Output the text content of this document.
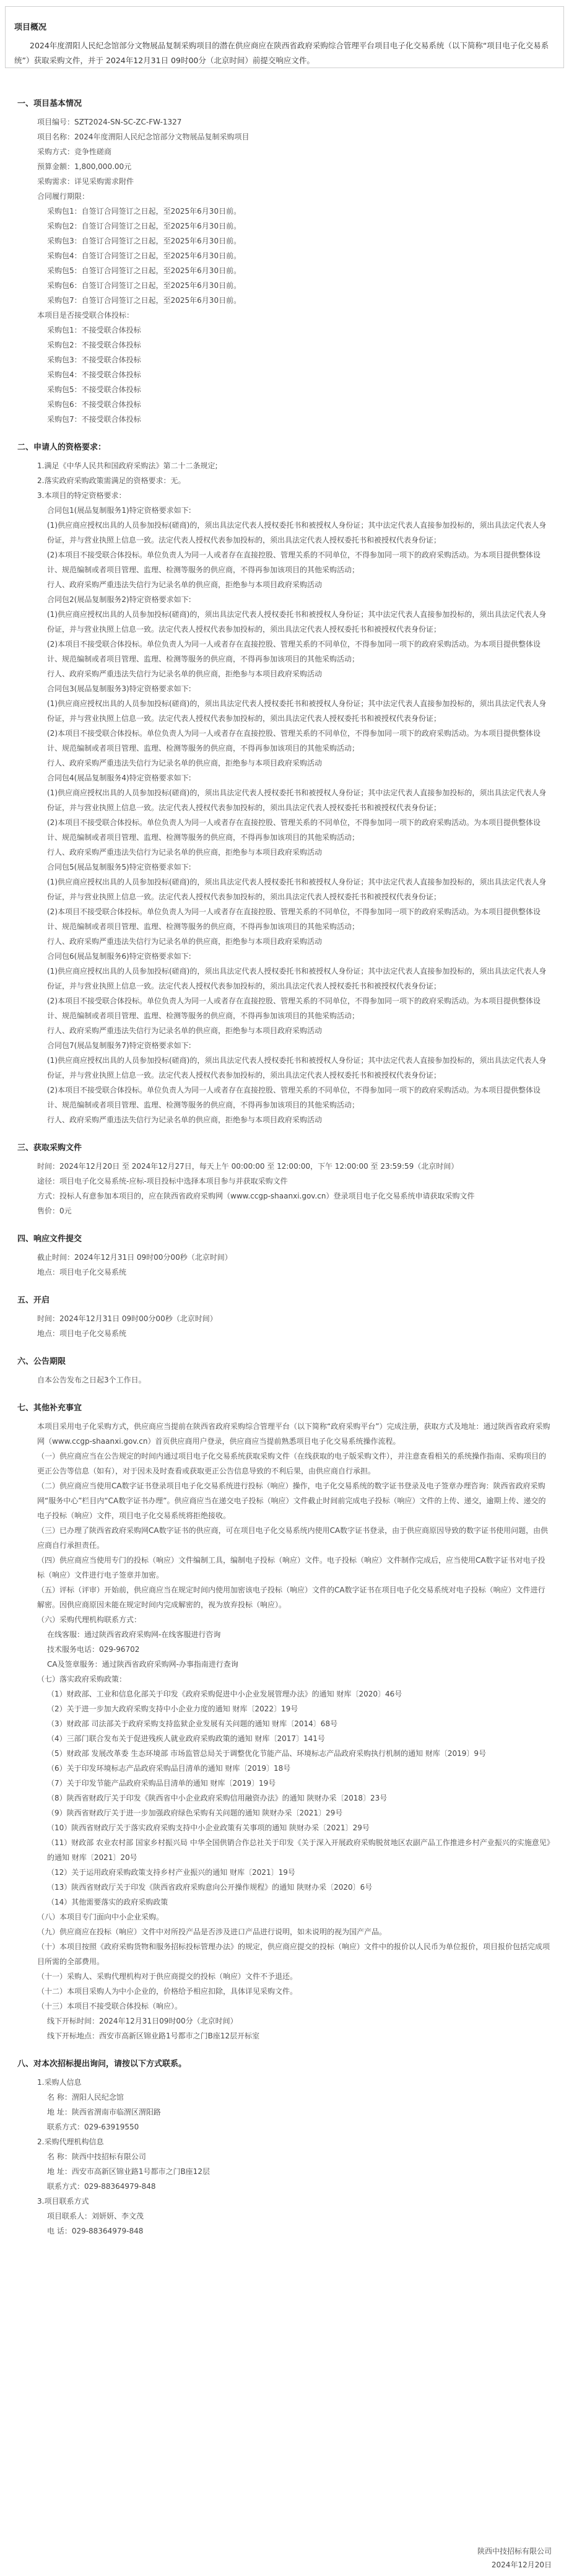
项目概况
2024年度渭阳人民纪念馆部分文物展品复制采购项目的潜在供应商应在陕西省政府采购综合管理平台项目电子化交易系统（以下简称“项目电子化交易系统”）获取采购文件，并于 2024年12月31日 09时00分（北京时间）前提交响应文件。
一、项目基本情况
项目编号：SZT2024-SN-SC-ZC-FW-1327
项目名称：2024年度渭阳人民纪念馆部分文物展品复制采购项目
采购方式：竞争性磋商
预算金额：1,800,000.00元
采购需求：详见采购需求附件
合同履行期限：
采购包1：自签订合同签订之日起，至2025年6月30日前。
采购包2：自签订合同签订之日起，至2025年6月30日前。
采购包3：自签订合同签订之日起，至2025年6月30日前。
采购包4：自签订合同签订之日起，至2025年6月30日前。
采购包5：自签订合同签订之日起，至2025年6月30日前。
采购包6：自签订合同签订之日起，至2025年6月30日前。
采购包7：自签订合同签订之日起，至2025年6月30日前。
本项目是否接受联合体投标：
采购包1：不接受联合体投标
采购包2：不接受联合体投标
采购包3：不接受联合体投标
采购包4：不接受联合体投标
采购包5：不接受联合体投标
采购包6：不接受联合体投标
采购包7：不接受联合体投标
二、申请人的资格要求：
1.满足《中华人民共和国政府采购法》第二十二条规定;
2.落实政府采购政策需满足的资格要求：无。
3.本项目的特定资格要求：
合同包1(展品复制服务1)特定资格要求如下:
(1)供应商应授权出具的人员参加投标(磋商)的，须出具法定代表人授权委托书和被授权人身份证；其中法定代表人直接参加投标的，须出具法定代表人身份证，并与营业执照上信息一致。法定代表人授权代表参加投标的，须出具法定代表人授权委托书和被授权代表身份证；
(2)本项目不接受联合体投标。单位负责人为同一人或者存在直接控股、管理关系的不同单位，不得参加同一项下的政府采购活动。为本项目提供整体设计、规范编制或者项目管理、监理、检测等服务的供应商，不得再参加该项目的其他采购活动；
行人、政府采购严重违法失信行为记录名单的供应商，拒绝参与本项目政府采购活动
合同包2(展品复制服务2)特定资格要求如下:
(1)供应商应授权出具的人员参加投标(磋商)的，须出具法定代表人授权委托书和被授权人身份证；其中法定代表人直接参加投标的，须出具法定代表人身份证，并与营业执照上信息一致。法定代表人授权代表参加投标的，须出具法定代表人授权委托书和被授权代表身份证；
(2)本项目不接受联合体投标。单位负责人为同一人或者存在直接控股、管理关系的不同单位，不得参加同一项下的政府采购活动。为本项目提供整体设计、规范编制或者项目管理、监理、检测等服务的供应商，不得再参加该项目的其他采购活动；
行人、政府采购严重违法失信行为记录名单的供应商，拒绝参与本项目政府采购活动
合同包3(展品复制服务3)特定资格要求如下:
(1)供应商应授权出具的人员参加投标(磋商)的，须出具法定代表人授权委托书和被授权人身份证；其中法定代表人直接参加投标的，须出具法定代表人身份证，并与营业执照上信息一致。法定代表人授权代表参加投标的，须出具法定代表人授权委托书和被授权代表身份证；
(2)本项目不接受联合体投标。单位负责人为同一人或者存在直接控股、管理关系的不同单位，不得参加同一项下的政府采购活动。为本项目提供整体设计、规范编制或者项目管理、监理、检测等服务的供应商，不得再参加该项目的其他采购活动；
行人、政府采购严重违法失信行为记录名单的供应商，拒绝参与本项目政府采购活动
合同包4(展品复制服务4)特定资格要求如下:
(1)供应商应授权出具的人员参加投标(磋商)的，须出具法定代表人授权委托书和被授权人身份证；其中法定代表人直接参加投标的，须出具法定代表人身份证，并与营业执照上信息一致。法定代表人授权代表参加投标的，须出具法定代表人授权委托书和被授权代表身份证；
(2)本项目不接受联合体投标。单位负责人为同一人或者存在直接控股、管理关系的不同单位，不得参加同一项下的政府采购活动。为本项目提供整体设计、规范编制或者项目管理、监理、检测等服务的供应商，不得再参加该项目的其他采购活动；
行人、政府采购严重违法失信行为记录名单的供应商，拒绝参与本项目政府采购活动
合同包5(展品复制服务5)特定资格要求如下:
(1)供应商应授权出具的人员参加投标(磋商)的，须出具法定代表人授权委托书和被授权人身份证；其中法定代表人直接参加投标的，须出具法定代表人身份证，并与营业执照上信息一致。法定代表人授权代表参加投标的，须出具法定代表人授权委托书和被授权代表身份证；
(2)本项目不接受联合体投标。单位负责人为同一人或者存在直接控股、管理关系的不同单位，不得参加同一项下的政府采购活动。为本项目提供整体设计、规范编制或者项目管理、监理、检测等服务的供应商，不得再参加该项目的其他采购活动；
行人、政府采购严重违法失信行为记录名单的供应商，拒绝参与本项目政府采购活动
合同包6(展品复制服务6)特定资格要求如下:
(1)供应商应授权出具的人员参加投标(磋商)的，须出具法定代表人授权委托书和被授权人身份证；其中法定代表人直接参加投标的，须出具法定代表人身份证，并与营业执照上信息一致。法定代表人授权代表参加投标的，须出具法定代表人授权委托书和被授权代表身份证；
(2)本项目不接受联合体投标。单位负责人为同一人或者存在直接控股、管理关系的不同单位，不得参加同一项下的政府采购活动。为本项目提供整体设计、规范编制或者项目管理、监理、检测等服务的供应商，不得再参加该项目的其他采购活动；
行人、政府采购严重违法失信行为记录名单的供应商，拒绝参与本项目政府采购活动
合同包7(展品复制服务7)特定资格要求如下:
(1)供应商应授权出具的人员参加投标(磋商)的，须出具法定代表人授权委托书和被授权人身份证；其中法定代表人直接参加投标的，须出具法定代表人身份证，并与营业执照上信息一致。法定代表人授权代表参加投标的，须出具法定代表人授权委托书和被授权代表身份证；
(2)本项目不接受联合体投标。单位负责人为同一人或者存在直接控股、管理关系的不同单位，不得参加同一项下的政府采购活动。为本项目提供整体设计、规范编制或者项目管理、监理、检测等服务的供应商，不得再参加该项目的其他采购活动；
行人、政府采购严重违法失信行为记录名单的供应商，拒绝参与本项目政府采购活动
三、获取采购文件
时间：2024年12月20日 至 2024年12月27日，每天上午 00:00:00 至 12:00:00，下午 12:00:00 至 23:59:59（北京时间）
途径：项目电子化交易系统-应标-项目投标中选择本项目参与并获取采购文件
方式：投标人有意参加本项目的，应在陕西省政府采购网（www.ccgp-shaanxi.gov.cn）登录项目电子化交易系统申请获取采购文件
售价：0元
四、响应文件提交
截止时间：2024年12月31日 09时00分00秒（北京时间）
地点：项目电子化交易系统
五、开启
时间：2024年12月31日 09时00分00秒（北京时间）
地点：项目电子化交易系统
六、公告期限
自本公告发布之日起3个工作日。
七、其他补充事宜
本项目采用电子化采购方式，供应商应当提前在陕西省政府采购综合管理平台（以下简称“政府采购平台”）完成注册，获取方式及地址：通过陕西省政府采购网（www.ccgp-shaanxi.gov.cn）首页供应商用户登录，供应商应当提前熟悉项目电子化交易系统操作流程。
（一）供应商应当在公告规定的时间内通过项目电子化交易系统获取采购文件（在线获取的电子版采购文件），并注意查看相关的系统操作指南、采购项目的更正公告等信息（如有），对于因未及时查看或获取更正公告信息导致的不利后果，由供应商自行承担。
（二）供应商应当使用CA数字证书登录项目电子化交易系统进行投标（响应）操作，电子化交易系统的数字证书登录及电子签章办理咨询：陕西省政府采购网“服务中心”栏目内“CA数字证书办理”。供应商应当在递交电子投标（响应）文件截止时间前完成电子投标（响应）文件的上传、递交，逾期上传、递交的电子投标（响应）文件，项目电子化交易系统将拒绝接收。
（三）已办理了陕西省政府采购网CA数字证书的供应商，可在项目电子化交易系统内使用CA数字证书登录，由于供应商原因导致的数字证书使用问题，由供应商自行承担责任。
（四）供应商应当使用专门的投标（响应）文件编制工具，编制电子投标（响应）文件。电子投标（响应）文件制作完成后，应当使用CA数字证书对电子投标（响应）文件进行电子签章并加密。
（五）评标（评审）开始前，供应商应当在规定时间内使用加密该电子投标（响应）文件的CA数字证书在项目电子化交易系统对电子投标（响应）文件进行解密。因供应商原因未能在规定时间内完成解密的，视为放弃投标（响应）。
（六）采购代理机构联系方式：
在线客服：通过陕西省政府采购网-在线客服进行咨询
技术服务电话：029-96702
CA及签章服务：通过陕西省政府采购网-办事指南进行查询
（七）落实政府采购政策：
（1）财政部、工业和信息化部关于印发《政府采购促进中小企业发展管理办法》的通知 财库〔2020〕46号
（2）关于进一步加大政府采购支持中小企业力度的通知 财库〔2022〕19号
（3）财政部 司法部关于政府采购支持监狱企业发展有关问题的通知 财库〔2014〕68号
（4）三部门联合发布关于促进残疾人就业政府采购政策的通知 财库〔2017〕141号
（5）财政部 发展改革委 生态环境部 市场监管总局关于调整优化节能产品、环境标志产品政府采购执行机制的通知 财库〔2019〕9号
（6）关于印发环境标志产品政府采购品目清单的通知 财库〔2019〕18号
（7）关于印发节能产品政府采购品目清单的通知 财库〔2019〕19号
（8）陕西省财政厅关于印发《陕西省中小企业政府采购信用融资办法》的通知 陕财办采〔2018〕23号
（9）陕西省财政厅关于进一步加强政府绿色采购有关问题的通知 陕财办采〔2021〕29号
（10）陕西省财政厅关于落实政府采购支持中小企业政策有关事项的通知 陕财办采〔2021〕29号
（11）财政部 农业农村部 国家乡村振兴局 中华全国供销合作总社关于印发《关于深入开展政府采购脱贫地区农副产品工作推进乡村产业振兴的实施意见》的通知 财库〔2021〕20号
（12）关于运用政府采购政策支持乡村产业振兴的通知 财库〔2021〕19号
（13）陕西省财政厅关于印发《陕西省政府采购意向公开操作规程》的通知 陕财办采〔2020〕6号
（14）其他需要落实的政府采购政策
（八）本项目专门面向中小企业采购。
（九）供应商应在投标（响应）文件中对所投产品是否涉及进口产品进行说明，如未说明的视为国产产品。
（十）本项目按照《政府采购货物和服务招标投标管理办法》的规定，供应商应提交的投标（响应）文件中的报价以人民币为单位报价，项目报价包括完成项目所需的全部费用。
（十一）采购人、采购代理机构对于供应商提交的投标（响应）文件不予退还。
（十二）本项目采购人为中小企业的，价格给予相应扣除，具体详见采购文件。
（十三）本项目不接受联合体投标（响应）。
线下开标时间：2024年12月31日09时00分（北京时间）
线下开标地点：西安市高新区锦业路1号都市之门B座12层开标室
八、对本次招标提出询问，请按以下方式联系。
1.采购人信息
名 称：渭阳人民纪念馆
地 址：陕西省渭南市临渭区渭阳路
联系方式：029-63919550
2.采购代理机构信息
名 称：陕西中技招标有限公司
地 址：西安市高新区锦业路1号都市之门B座12层
联系方式：029-88364979-848
3.项目联系方式
项目联系人：刘妍妍、李文茂
电 话：029-88364979-848
陕西中技招标有限公司
2024年12月20日
